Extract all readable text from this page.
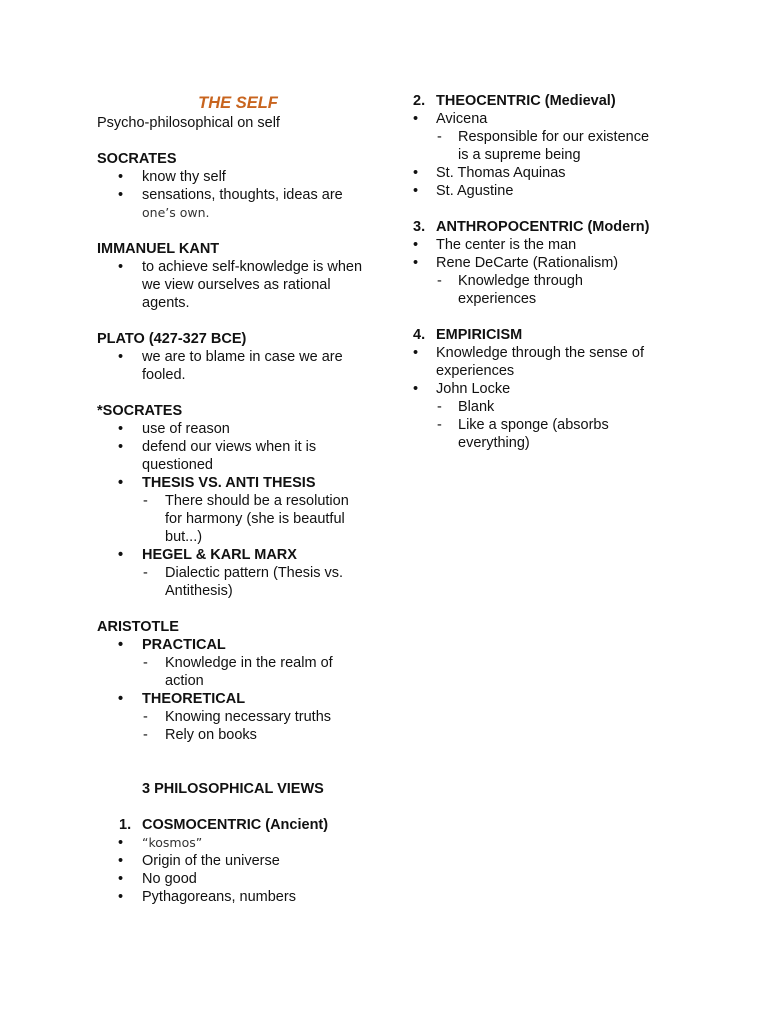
THE SELF
Psycho-philosophical on self
SOCRATES
• know thy self
• sensations, thoughts, ideas are
one’s own.
IMMANUEL KANT
• to achieve self-knowledge is when
we view ourselves as rational
agents.
PLATO (427-327 BCE)
• we are to blame in case we are
fooled.
*SOCRATES
• use of reason
• defend our views when it is
questioned
• THESIS VS. ANTI THESIS
- There should be a resolution
for harmony (she is beautful
but...)
• HEGEL & KARL MARX
- Dialectic pattern (Thesis vs.
Antithesis)
ARISTOTLE
• PRACTICAL
- Knowledge in the realm of
action
• THEORETICAL
- Knowing necessary truths
- Rely on books
3 PHILOSOPHICAL VIEWS
1. COSMOCENTRIC (Ancient)
• “kosmos”
• Origin of the universe
• No good
• Pythagoreans, numbers
2. THEOCENTRIC (Medieval)
• Avicena
- Responsible for our existence
is a supreme being
• St. Thomas Aquinas
• St. Agustine
3. ANTHROPOCENTRIC (Modern)
• The center is the man
• Rene DeCarte (Rationalism)
- Knowledge through
experiences
4. EMPIRICISM
• Knowledge through the sense of
experiences
• John Locke
- Blank
- Like a sponge (absorbs
everything)
